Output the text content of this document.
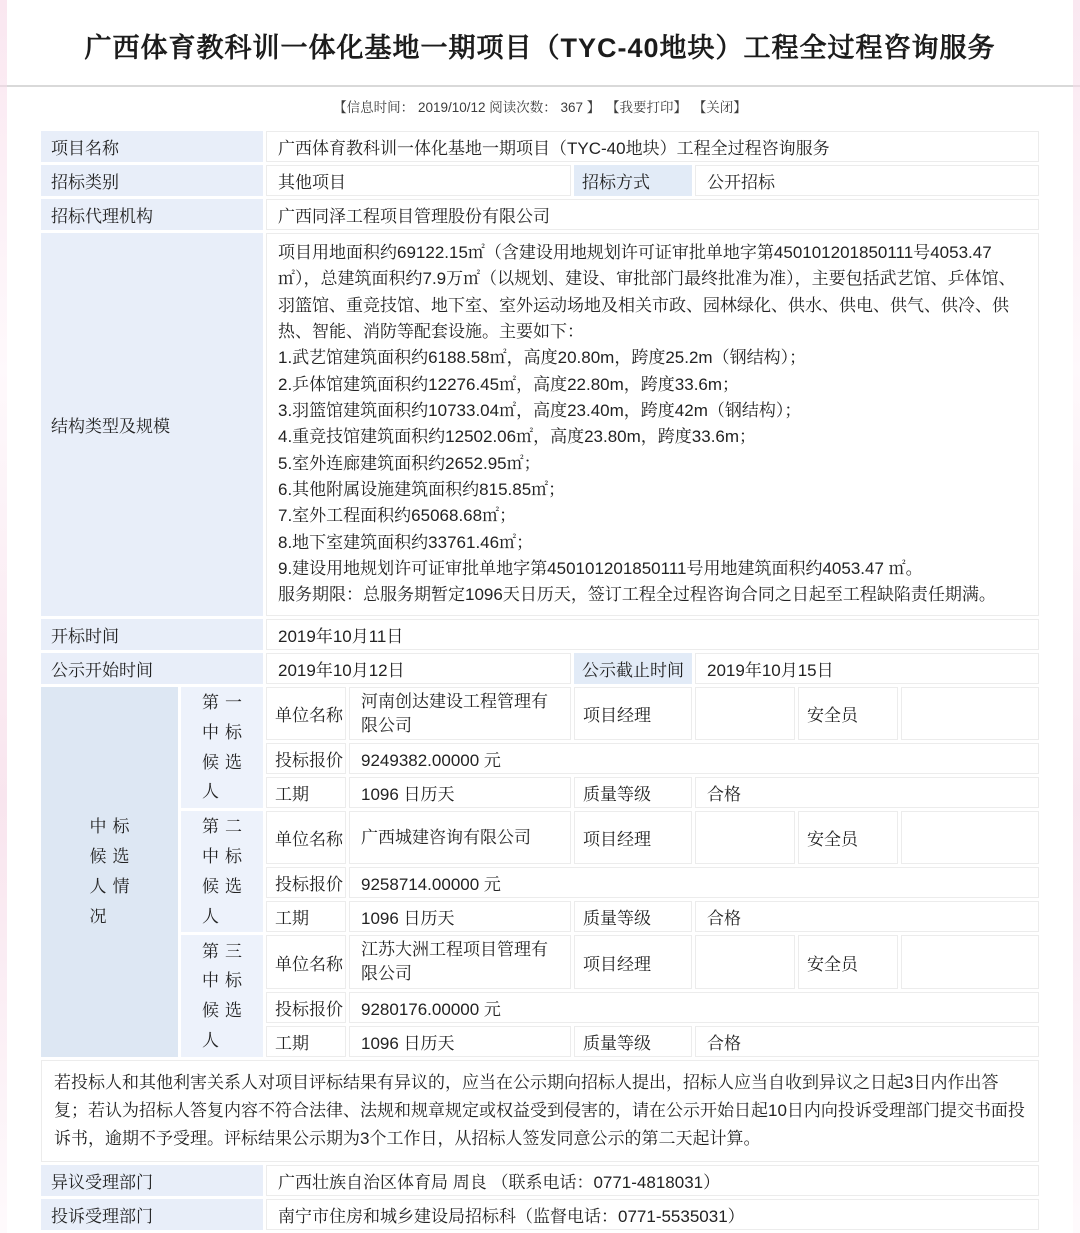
广西体育教科训一体化基地一期项目（TYC-40地块）工程全过程咨询服务
【信息时间： 2019/10/12 阅读次数： 367 】 【我要打印】 【关闭】
项目名称		广西体育教科训一体化基地一期项目（TYC-40地块）工程全过程咨询服务					
招标类别		其他项目		招标方式	公开招标		
招标代理机构		广西同泽工程项目管理股份有限公司					
结构类型及规模	
项目用地面积约69122.15㎡（含建设用地规划许可证审批单地字第450101201850111号4053.47㎡），总建筑面积约7.9万㎡（以规划、建设、审批部门最终批准为准），主要包括武艺馆、乒体馆、羽篮馆、重竞技馆、地下室、室外运动场地及相关市政、园林绿化、供水、供电、供气、供冷、供热、智能、消防等配套设施。主要如下：
1.武艺馆建筑面积约6188.58㎡，高度20.80m，跨度25.2m（钢结构）；
2.乒体馆建筑面积约12276.45㎡，高度22.80m，跨度33.6m；
3.羽篮馆建筑面积约10733.04㎡，高度23.40m，跨度42m（钢结构）；
4.重竞技馆建筑面积约12502.06㎡，高度23.80m，跨度33.6m；
5.室外连廊建筑面积约2652.95㎡；
6.其他附属设施建筑面积约815.85㎡；
7.室外工程面积约65068.68㎡；
8.地下室建筑面积约33761.46㎡；
9.建设用地规划许可证审批单地字第450101201850111号用地建筑面积约4053.47 ㎡。
服务期限：总服务期暂定1096天日历天，签订工程全过程咨询合同之日起至工程缺陷责任期满。

开标时间		2019年10月11日					
公示开始时间		2019年10月12日		公示截止时间	2019年10月15日		
中标候选人情况	第一中标候选人	单位名称	河南创达建设工程管理有限公司	项目经理		安全员	
		投标报价	9249382.00000 元				
		工期	1096 日历天	质量等级	合格		
	第二中标候选人	单位名称	广西城建咨询有限公司	项目经理		安全员	
		投标报价	9258714.00000 元				
		工期	1096 日历天	质量等级	合格		
	第三中标候选人	单位名称	江苏大洲工程项目管理有限公司	项目经理		安全员	
		投标报价	9280176.00000 元				
		工期	1096 日历天	质量等级	合格		
若投标人和其他利害关系人对项目评标结果有异议的，应当在公示期向招标人提出，招标人应当自收到异议之日起3日内作出答复；若认为招标人答复内容不符合法律、法规和规章规定或权益受到侵害的，请在公示开始日起10日内向投诉受理部门提交书面投诉书，逾期不予受理。评标结果公示期为3个工作日，从招标人签发同意公示的第二天起计算。							
异议受理部门		广西壮族自治区体育局 周良 （联系电话：0771-4818031）					
投诉受理部门		南宁市住房和城乡建设局招标科（监督电话：0771-5535031）					
